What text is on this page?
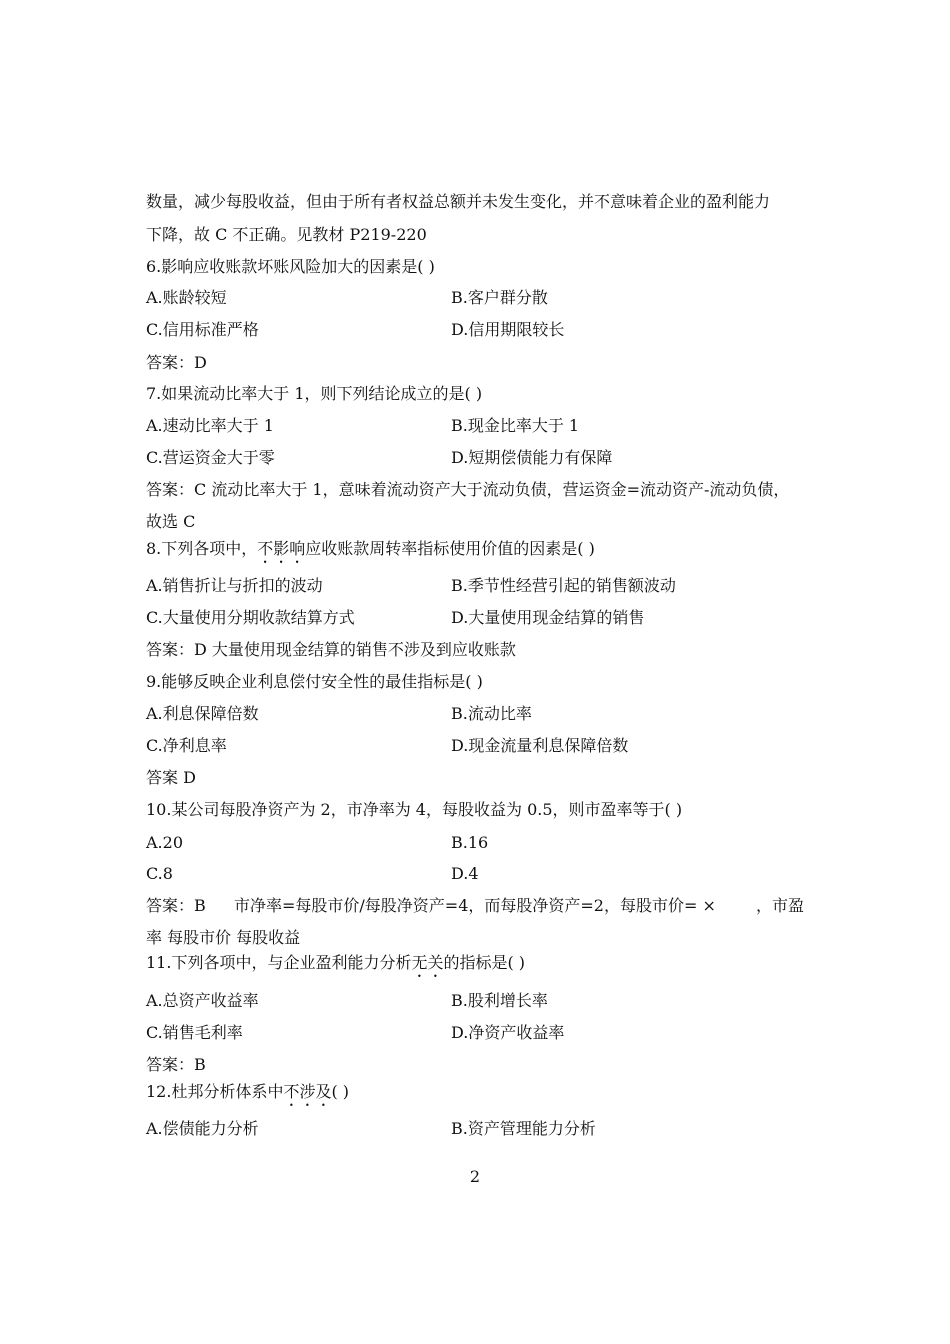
数量，减少每股收益，但由于所有者权益总额并未发生变化，并不意味着企业的盈利能力
下降，故 C 不正确。见教材 P219-220
6.影响应收账款坏账风险加大的因素是( )
A.账龄较短	B.客户群分散
C.信用标准严格	D.信用期限较长
答案：D
7.如果流动比率大于 1，则下列结论成立的是( )
A.速动比率大于 1	B.现金比率大于 1
C.营运资金大于零	D.短期偿债能力有保障
答案：C 流动比率大于 1，意味着流动资产大于流动负债，营运资金=流动资产-流动负债，
故选 C
8.下列各项中，不影响应收账款周转率指标使用价值的因素是( )
A.销售折让与折扣的波动	B.季节性经营引起的销售额波动
C.大量使用分期收款结算方式	D.大量使用现金结算的销售
答案：D 大量使用现金结算的销售不涉及到应收账款
9.能够反映企业利息偿付安全性的最佳指标是( )
A.利息保障倍数	B.流动比率
C.净利息率	D.现金流量利息保障倍数
答案 D
10.某公司每股净资产为 2，市净率为 4，每股收益为 0.5，则市盈率等于( )
A.20	B.16
C.8	D.4
答案：B 市净率=每股市价/每股净资产=4，而每股净资产=2，每股市价= ×	，市盈
率 每股市价 每股收益
11.下列各项中，与企业盈利能力分析无关的指标是( )
A.总资产收益率	B.股利增长率
C.销售毛利率	D.净资产收益率
答案：B
12.杜邦分析体系中不涉及( )
A.偿债能力分析	B.资产管理能力分析
2
